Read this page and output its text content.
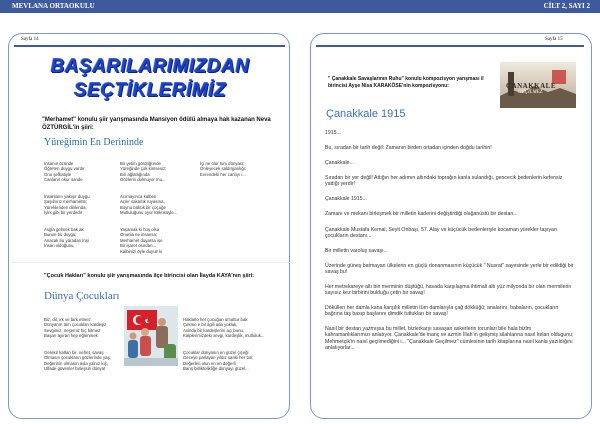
MEVLANA ORTAOKULU
Sayfa 14
BAŞARILARIMIZDAN
SEÇTİKLERİMİZ
"Merhamet" konulu şiir yarışmasında Mansiyon ödülü almaya hak kazanan Neva ÖZTÜRGİL'in şiiri:
Yüreğimin En Derininde

İnsanın özünde
Öğreten duygu vardır
Onu şefkatiyle
Canlanır okur sande

İnsanların yakışır duygu
Şaşılnırız merhamette;
Yürekleriden dinlenda,
İyiık gibi bir yerdedir

Asgla gelmek bak ak
Bunun bu duygu;
Anacak bu yaradan İnşi
İnsan oldoğunu,

Bir yetim gördüğünde
Yüreğinde çok kimsesiz;
Biri ağlatlığında
Gözlerin dolmuyor mu...

Acımayınca kalben
Açılır sakarlık ruyasına,
Boynu bükük bir çoçuğe
Mutluluğunu oyur türküsüyle...

Yaşamak ki hoş olsa
Onunla ne insansa;
Merhamet duyarsa işe
Bir işaret olurdan...
Kalbinizi öyle duyulr ki

İçi ne olur tum dünyası;
Önleyecek saldırganlığı;
Evrendeki her canlıyı i...

"Çocuk Hakları" konulu şiir yarışmasında ilçe birincisi olan İlayda KAYA'nın şiiri:
Dünya Çocukları

Biz, dil, ırk ve fark etmez
Dünyanın tüm çocukları kardeşiz
Sevgimiz, neşemiz hiç bitmez
Başarı ayıran hep eğlenmek

Gerekir katlan bir, nefret, savaş
Olmasın çocukların gözlerinde yaş,
Değerinin olmasın asla yalnız kış,
Ulfade güvenler birleşsin dünya!

Haklarlo her çocuğun umuttur bak
Çekme e bir ilgili ada yokluk,
Asinda bir kardeşlerini açı bunu,
Kalplerimizdeki sevgi, kardeşlik, mutluluk...

Çocuklar dünyanın en güzel çiçeği
Geceye parlayan yıldız sanki her biri;
Değerleri olun en en değerli
Barış birliktelikliğe dünyayı güzel...

CİLT 2, SAYI 2
Sayfa 15
" Çanakkale Savaşlarının Ruhu" konulu kompozisyon yarışması il birincisi Ayşe Nisa KARAKÖSE'nin kompozisyonu:	ÇANAKKALE
GEÇİLMEZ
Çanakkale 1915

1915...

Bu, sıradan bir tarih değil: Zamanın birden ortadan içinden doğdu tarihin!

Çanakkale...

Sıradan bir yer değil! Attığın her adımın altındaki toprağın kanla sulandığı, gencecik bedenlerin kefensiz yattığı yerdir!

Çanakkale 1915...

Zamanı ve mekanı birleşmek bir milletin kaderini değiştirdiği olağanüstü bir destan...

Çanakkale Mustafa Kemal, Seyit Onbaşı, 57. Alay ve küçücük bedenleriyle kocaman yürekler taşıyan çocukların destanı...

Bir milletin varoluş savaşı...

Üzerinde güneş batmayan ülkelerin en güçlü donanmasının küçücük " Nusrat" sayesinde yerle bir edildiği bir savaş bu!

Her metrekareye altı bin merminin düştüğü, havada karşılaşma ihtimali altı yüz milyonda bir olan mermilerin sayısız kez birbirini bulduğu çetin bir savaş!

Döküllen her damla kana karşılık milletin tüm damlarıyla çağ dökküğü; analarını, babaların, çocukların bağrına taş basıp başlarını dimdik tuttukları bir savaş!

Nasıl bir destan yazmışsa bu millet, bizlerkarşı savaşan askerlerin torunları bile hala bizim kahramanlıklarımızı anlatıyor. Çanakkale'de inanç ve azmin İllah'ın gelişmiş silahlarına nasıl kelan oldugunu; Mehmetçik'in nasıl geçilmediğini i... "Çanakkale Geçilmez" cümlesinin tarih kitaplarına nasıl kanla yazıldığını anlatıyorlar...
